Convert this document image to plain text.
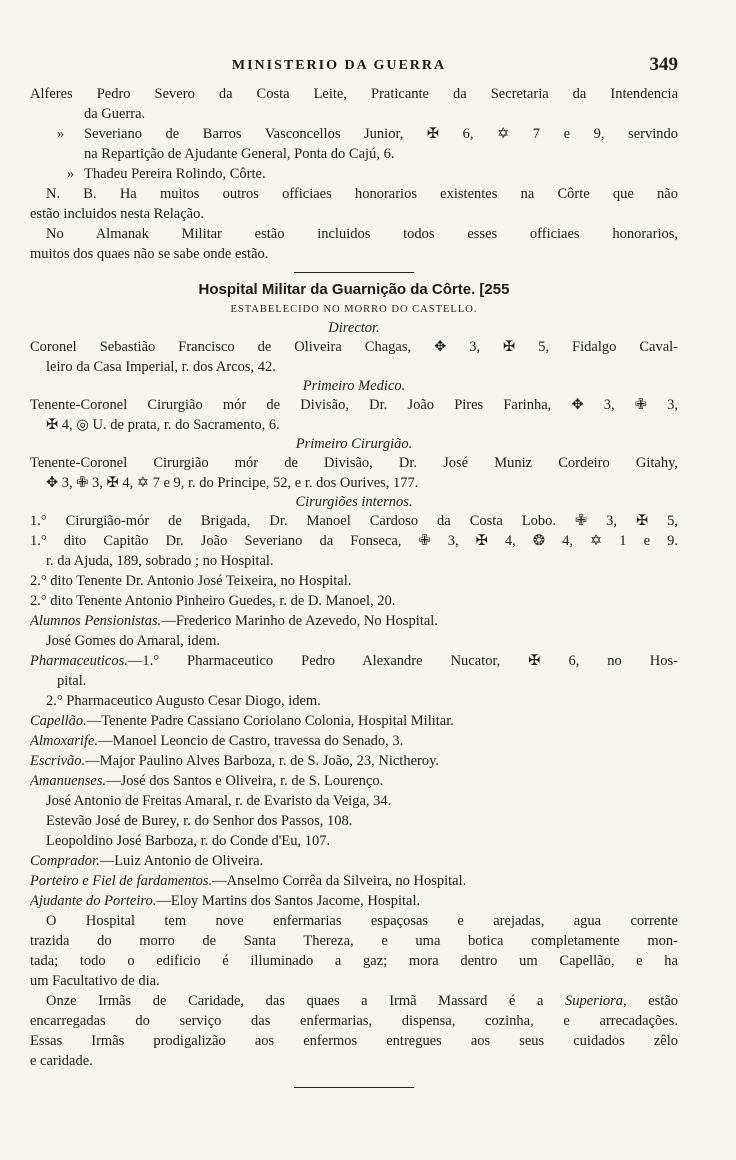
MINISTERIO DA GUERRA	349
Alferes Pedro Severo da Costa Leite, Praticante da Secretaria da Intendencia
da Guerra.
» Severiano de Barros Vasconcellos Junior, ✠ 6, ✡ 7 e 9, servindo
na Repartição de Ajudante General, Ponta do Cajú, 6.
» Thadeu Pereira Rolindo, Côrte.
N. B. Ha muitos outros officiaes honorarios existentes na Côrte que não
estão incluidos nesta Relação.
No Almanak Militar estão incluidos todos esses officiaes honorarios,
muitos dos quaes não se sabe onde estão.
Hospital Militar da Guarnição da Côrte. [255
ESTABELECIDO NO MORRO DO CASTELLO.
Director.
Coronel Sebastião Francisco de Oliveira Chagas, ✥ 3, ✠ 5, Fidalgo Caval-
leiro da Casa Imperial, r. dos Arcos, 42.
Primeiro Medico.
Tenente-Coronel Cirurgião mór de Divisão, Dr. João Pires Farinha, ✥ 3, ✙ 3,
✠ 4, ◎ U. de prata, r. do Sacramento, 6.
Primeiro Cirurgião.
Tenente-Coronel Cirurgião mór de Divisão, Dr. José Muniz Cordeiro Gitahy,
✥ 3, ✙ 3, ✠ 4, ✡ 7 e 9, r. do Principe, 52, e r. dos Ourives, 177.
Cirurgiões internos.
1.° Cirurgião-mór de Brigada, Dr. Manoel Cardoso da Costa Lobo. ✙ 3, ✠ 5,
1.° dito Capitão Dr. João Severiano da Fonseca, ✙ 3, ✠ 4, ❂ 4, ✡ 1 e 9.
r. da Ajuda, 189, sobrado ; no Hospital.
2.° dito Tenente Dr. Antonio José Teixeira, no Hospital.
2.° dito Tenente Antonio Pinheiro Guedes, r. de D. Manoel, 20.
Alumnos Pensionistas.—Frederico Marinho de Azevedo, No Hospital.
José Gomes do Amaral, idem.
Pharmaceuticos.—1.° Pharmaceutico Pedro Alexandre Nucator, ✠ 6, no Hos-
pital.
2.° Pharmaceutico Augusto Cesar Diogo, idem.
Capellão.—Tenente Padre Cassiano Coriolano Colonia, Hospital Militar.
Almoxarife.—Manoel Leoncio de Castro, travessa do Senado, 3.
Escrivão.—Major Paulino Alves Barboza, r. de S. João, 23, Nictheroy.
Amanuenses.—José dos Santos e Oliveira, r. de S. Lourenço.
José Antonio de Freitas Amaral, r. de Evaristo da Veiga, 34.
Estevão José de Burey, r. do Senhor dos Passos, 108.
Leopoldino José Barboza, r. do Conde d'Eu, 107.
Comprador.—Luiz Antonio de Oliveira.
Porteiro e Fiel de fardamentos.—Anselmo Corrêa da Silveira, no Hospital.
Ajudante do Porteiro.—Eloy Martins dos Santos Jacome, Hospital.
O Hospital tem nove enfermarias espaçosas e arejadas, agua corrente
trazida do morro de Santa Thereza, e uma botica completamente mon-
tada; todo o edificio é illuminado a gaz; mora dentro um Capellão, e ha
um Facultativo de dia.
Onze Irmãs de Caridade, das quaes a Irmã Massard é a Superiora, estão
encarregadas do serviço das enfermarias, dispensa, cozinha, e arrecadações.
Essas Irmãs prodigalizão aos enfermos entregues aos seus cuidados zêlo
e caridade.
